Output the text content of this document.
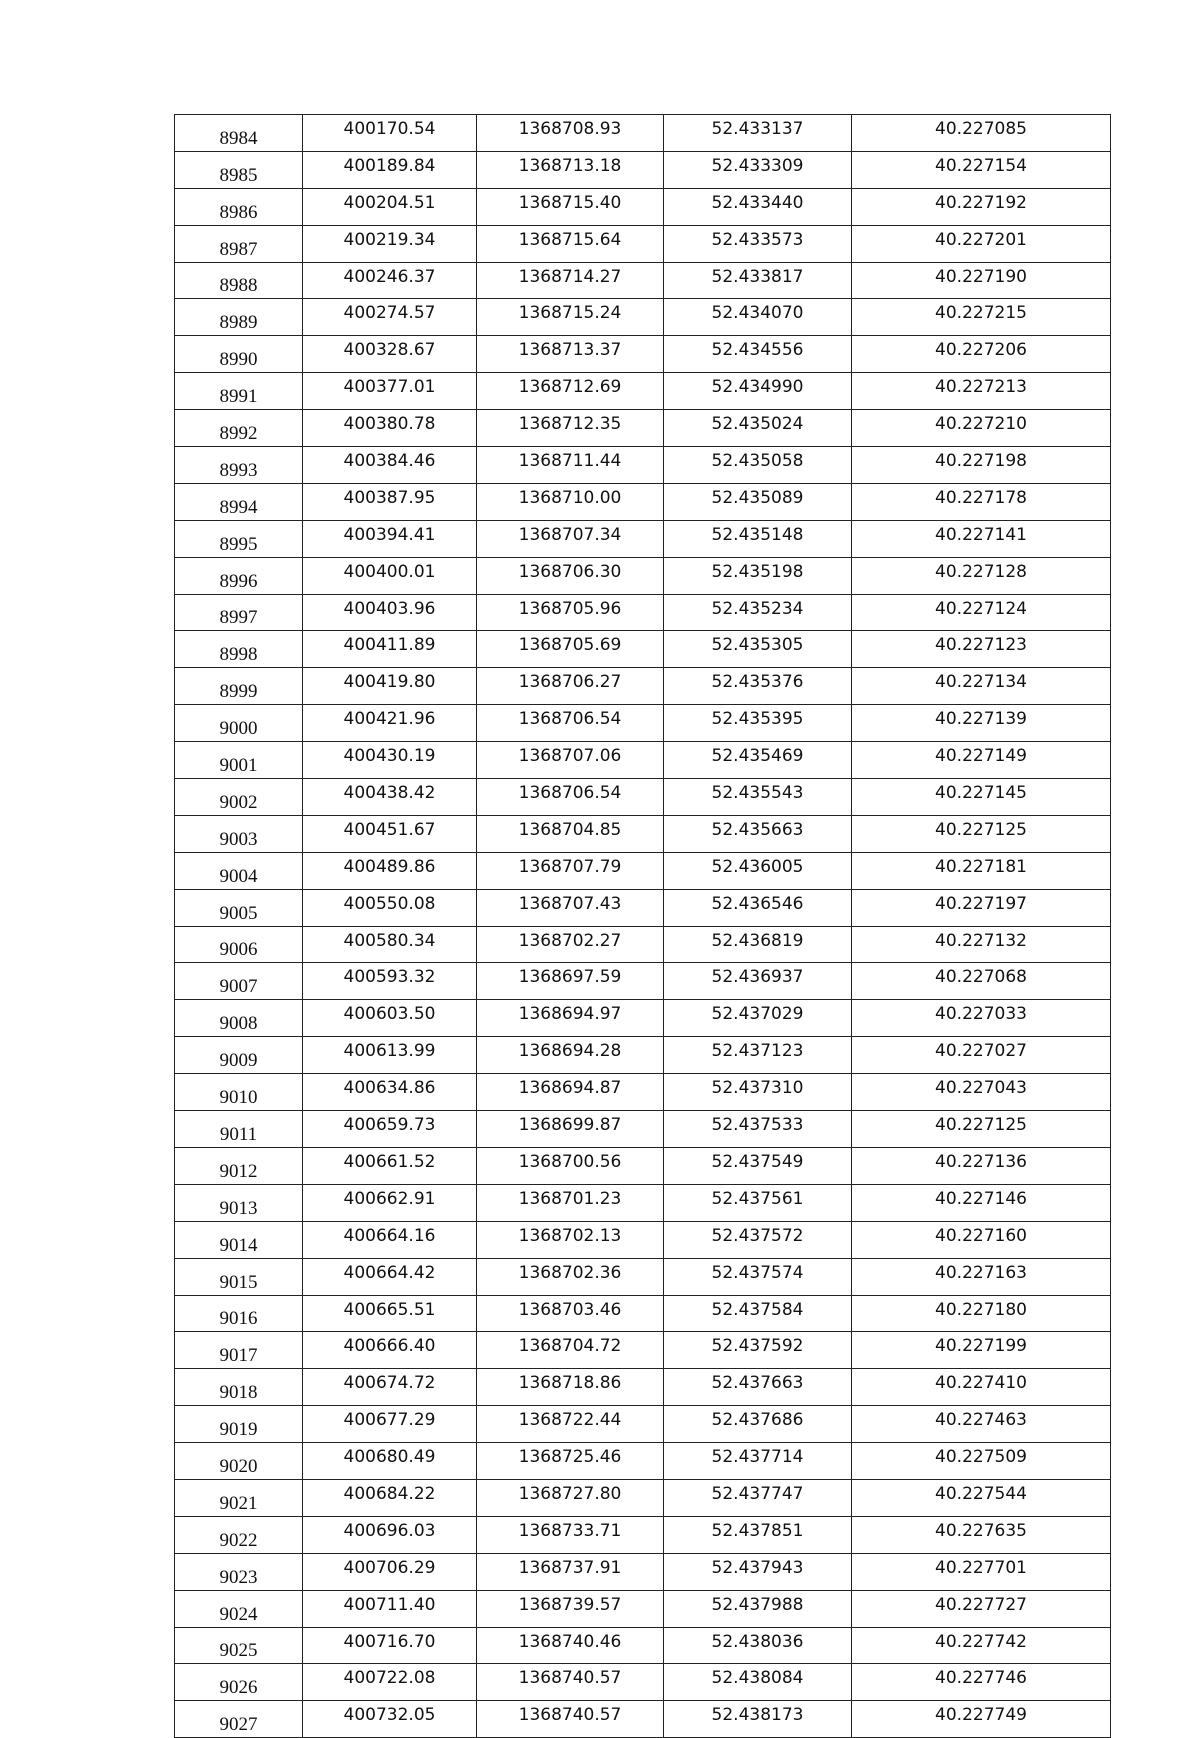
8984	400170.54	1368708.93	52.433137	40.227085
8985	400189.84	1368713.18	52.433309	40.227154
8986	400204.51	1368715.40	52.433440	40.227192
8987	400219.34	1368715.64	52.433573	40.227201
8988	400246.37	1368714.27	52.433817	40.227190
8989	400274.57	1368715.24	52.434070	40.227215
8990	400328.67	1368713.37	52.434556	40.227206
8991	400377.01	1368712.69	52.434990	40.227213
8992	400380.78	1368712.35	52.435024	40.227210
8993	400384.46	1368711.44	52.435058	40.227198
8994	400387.95	1368710.00	52.435089	40.227178
8995	400394.41	1368707.34	52.435148	40.227141
8996	400400.01	1368706.30	52.435198	40.227128
8997	400403.96	1368705.96	52.435234	40.227124
8998	400411.89	1368705.69	52.435305	40.227123
8999	400419.80	1368706.27	52.435376	40.227134
9000	400421.96	1368706.54	52.435395	40.227139
9001	400430.19	1368707.06	52.435469	40.227149
9002	400438.42	1368706.54	52.435543	40.227145
9003	400451.67	1368704.85	52.435663	40.227125
9004	400489.86	1368707.79	52.436005	40.227181
9005	400550.08	1368707.43	52.436546	40.227197
9006	400580.34	1368702.27	52.436819	40.227132
9007	400593.32	1368697.59	52.436937	40.227068
9008	400603.50	1368694.97	52.437029	40.227033
9009	400613.99	1368694.28	52.437123	40.227027
9010	400634.86	1368694.87	52.437310	40.227043
9011	400659.73	1368699.87	52.437533	40.227125
9012	400661.52	1368700.56	52.437549	40.227136
9013	400662.91	1368701.23	52.437561	40.227146
9014	400664.16	1368702.13	52.437572	40.227160
9015	400664.42	1368702.36	52.437574	40.227163
9016	400665.51	1368703.46	52.437584	40.227180
9017	400666.40	1368704.72	52.437592	40.227199
9018	400674.72	1368718.86	52.437663	40.227410
9019	400677.29	1368722.44	52.437686	40.227463
9020	400680.49	1368725.46	52.437714	40.227509
9021	400684.22	1368727.80	52.437747	40.227544
9022	400696.03	1368733.71	52.437851	40.227635
9023	400706.29	1368737.91	52.437943	40.227701
9024	400711.40	1368739.57	52.437988	40.227727
9025	400716.70	1368740.46	52.438036	40.227742
9026	400722.08	1368740.57	52.438084	40.227746
9027	400732.05	1368740.57	52.438173	40.227749
